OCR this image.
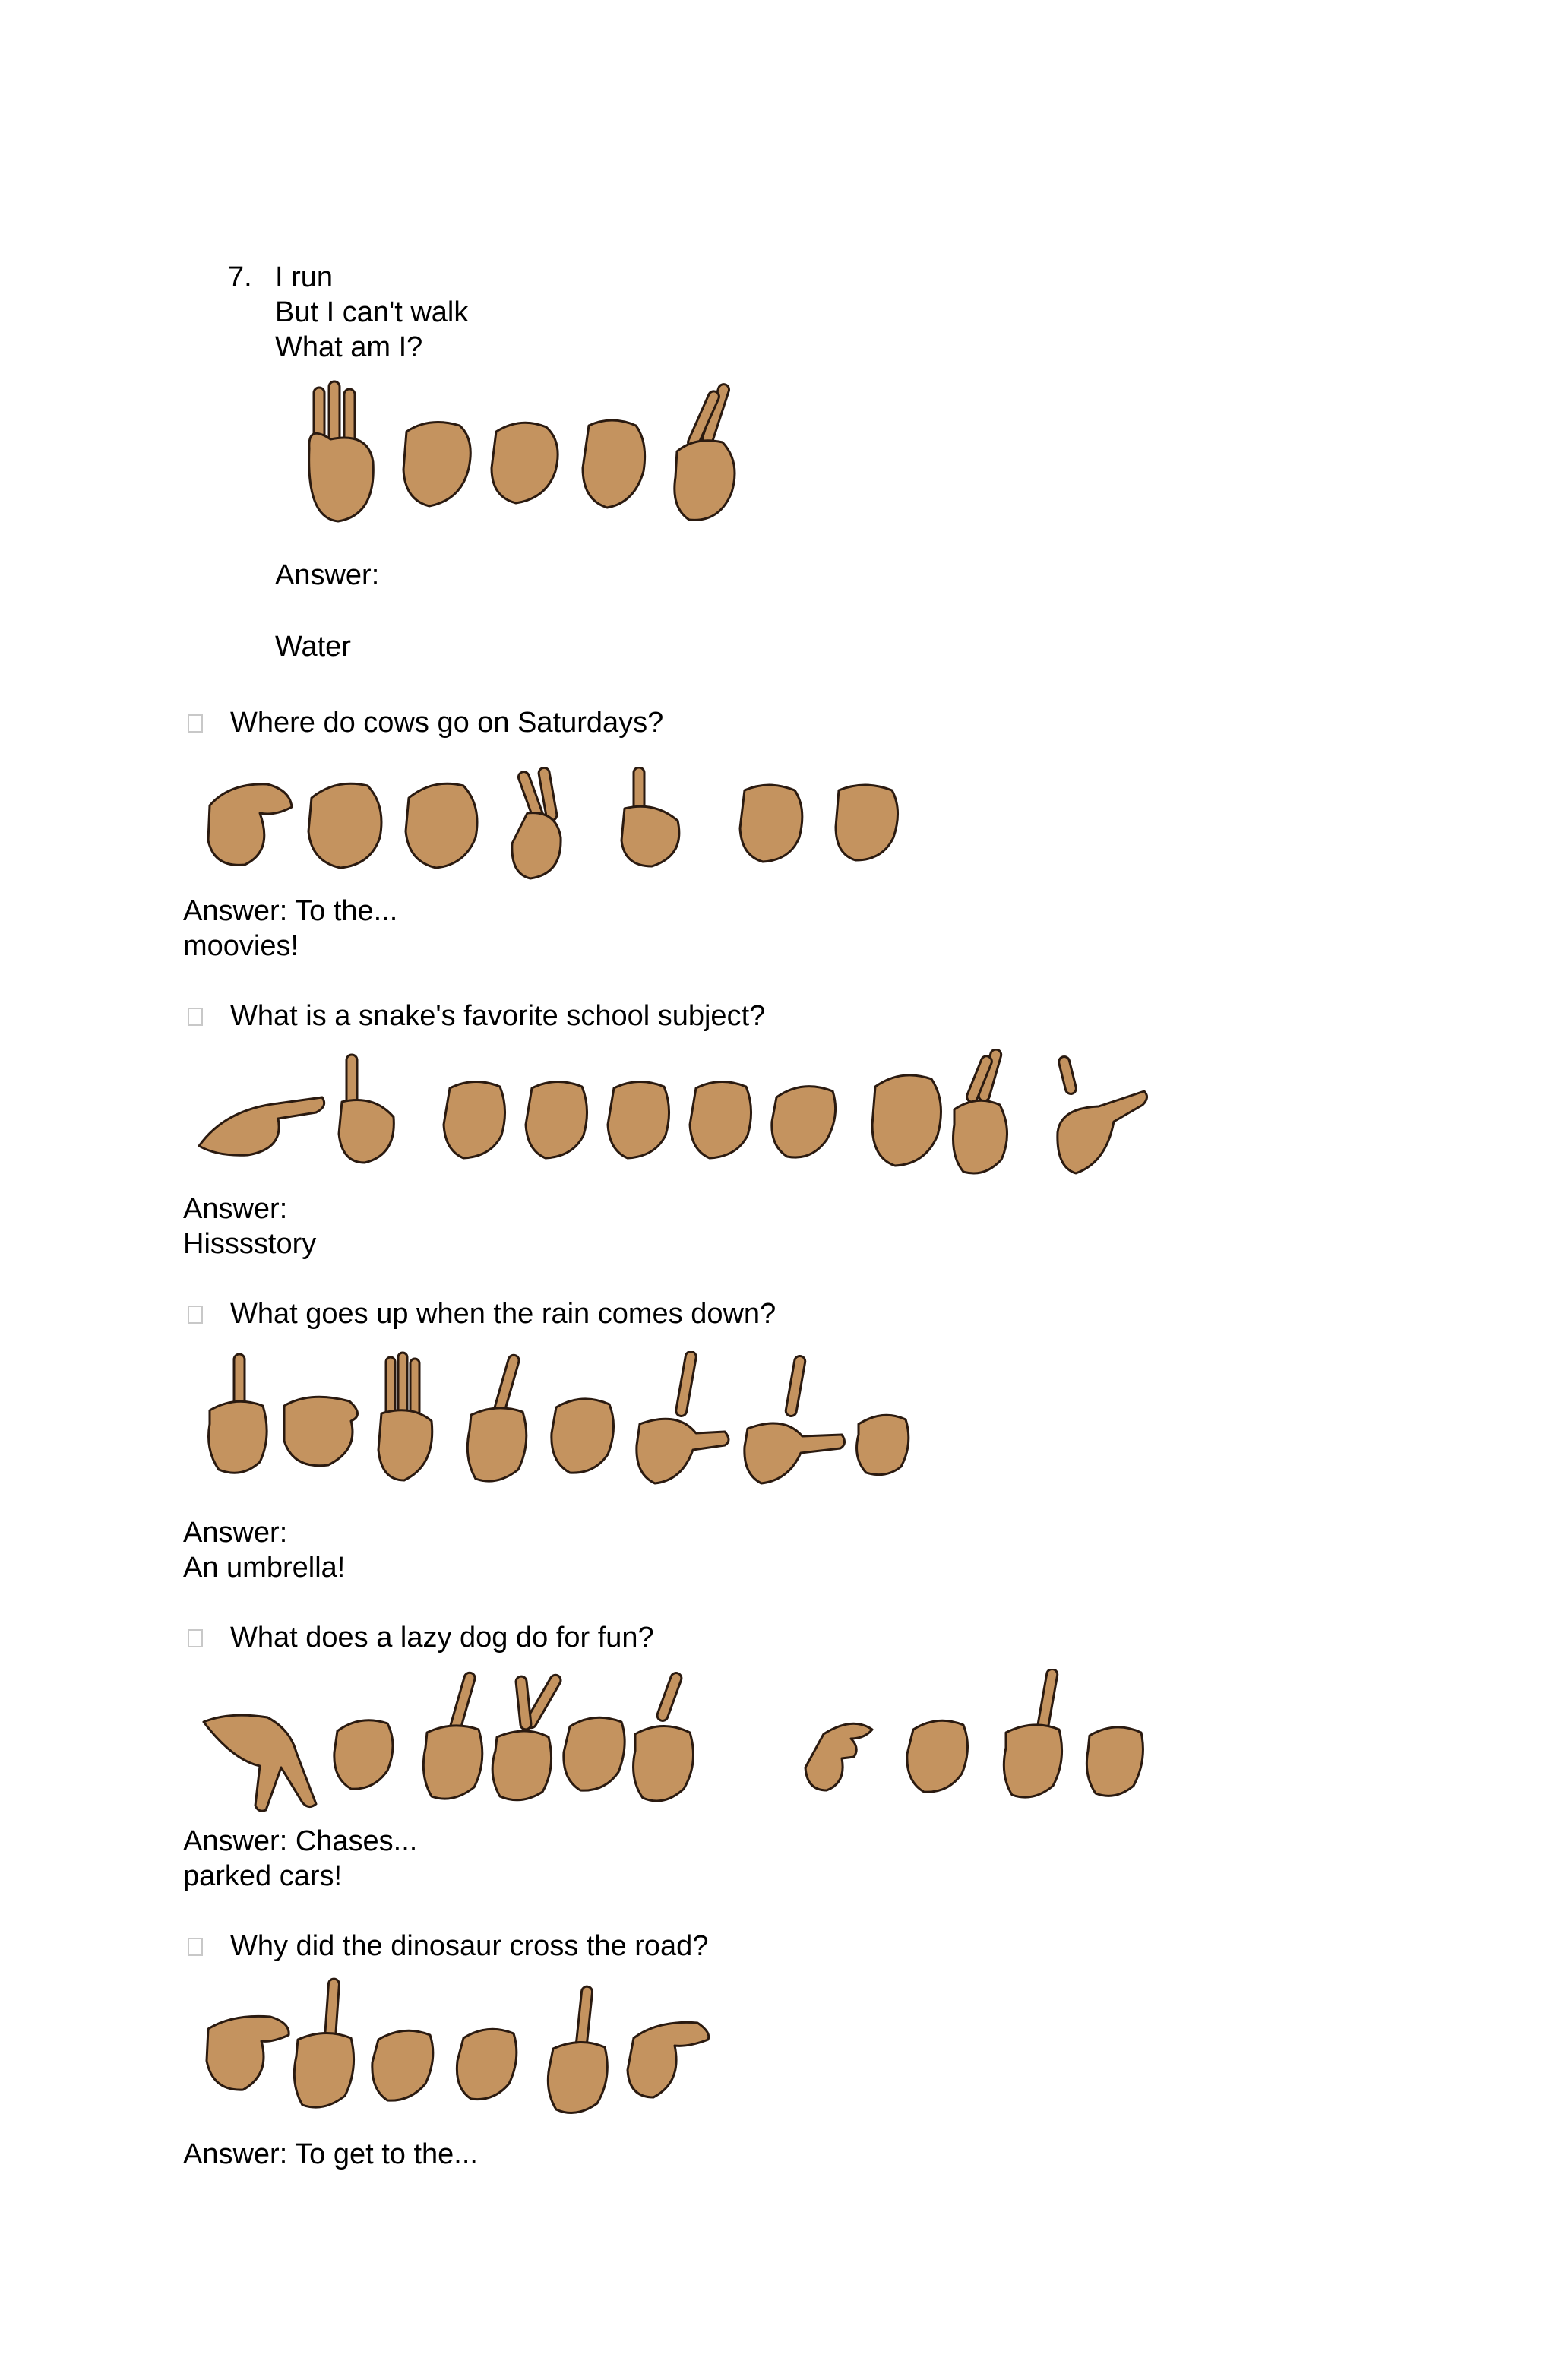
7. I run
But I can't walk
What am I?
Answer:
Water
Where do cows go on Saturdays?
Answer: To the...
moovies!
What is a snake's favorite school subject?
Answer:
Hisssstory
What goes up when the rain comes down?
Answer:
An umbrella!
What does a lazy dog do for fun?
Answer: Chases...
parked cars!
Why did the dinosaur cross the road?
Answer: To get to the...
